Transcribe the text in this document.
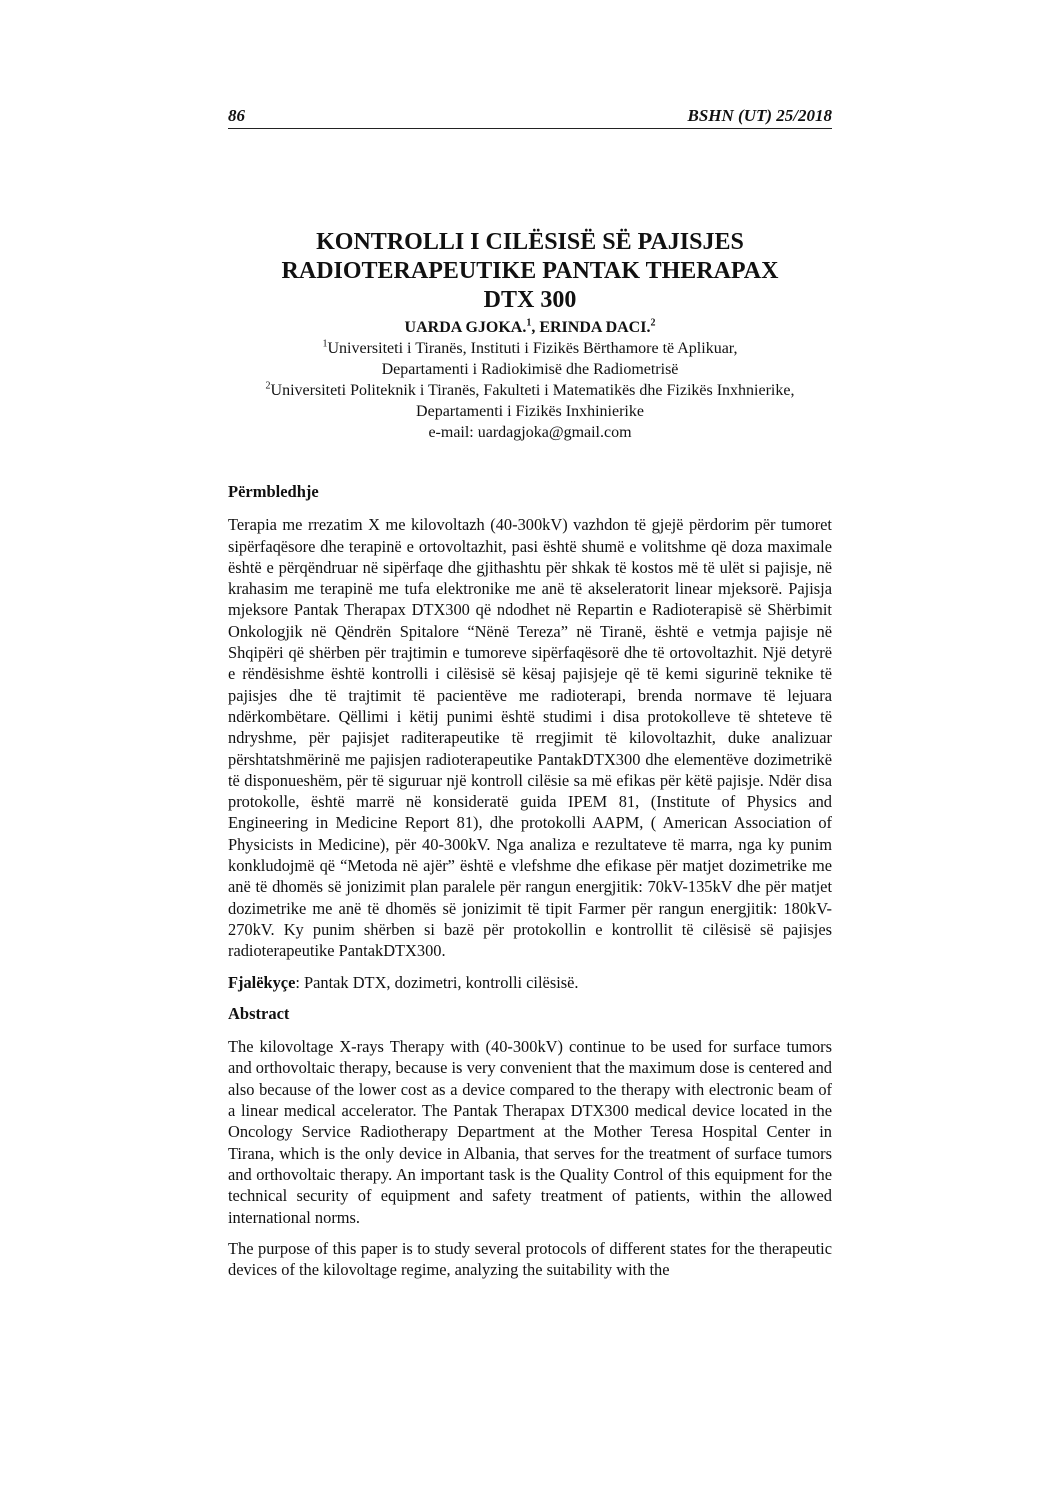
86	BSHN (UT) 25/2018
KONTROLLI I CILËSISË SË PAJISJES
RADIOTERAPEUTIKE PANTAK THERAPAX
DTX 300
UARDA GJOKA.$^1$, ERINDA DACI.$^2$
$^1$Universiteti i Tiranës, Instituti i Fizikës Bërthamore të Aplikuar,
Departamenti i Radiokimisë dhe Radiometrisë
$^2$Universiteti Politeknik i Tiranës, Fakulteti i Matematikës dhe Fizikës Inxhnierike,
Departamenti i Fizikës Inxhinierike
e-mail: uardagjoka@gmail.com
Përmbledhje

Terapia me rrezatim X me kilovoltazh (40-300kV) vazhdon të gjejë përdorim për tumoret sipërfaqësore dhe terapinë e ortovoltazhit, pasi është shumë e volitshme që doza maximale është e përqëndruar në sipërfaqe dhe gjithashtu për shkak të kostos më të ulët si pajisje, në krahasim me terapinë me tufa elektronike me anë të akseleratorit linear mjeksorë. Pajisja mjeksore Pantak Therapax DTX300 që ndodhet në Repartin e Radioterapisë së Shërbimit Onkologjik në Qëndrën Spitalore “Nënë Tereza” në Tiranë, është e vetmja pajisje në Shqipëri që shërben për trajtimin e tumoreve sipërfaqësorë dhe të ortovoltazhit. Një detyrë e rëndësishme është kontrolli i cilësisë së kësaj pajisjeje që të kemi sigurinë teknike të pajisjes dhe të trajtimit të pacientëve me radioterapi, brenda normave të lejuara ndërkombëtare. Qëllimi i këtij punimi është studimi i disa protokolleve të shteteve të ndryshme, për pajisjet raditerapeutike të rregjimit të kilovoltazhit, duke analizuar përshtatshmërinë me pajisjen radioterapeutike PantakDTX300 dhe elementëve dozimetrikë të disponueshëm, për të siguruar një kontroll cilësie sa më efikas për këtë pajisje. Ndër disa protokolle, është marrë në konsideratë guida IPEM 81, (Institute of Physics and Engineering in Medicine Report 81), dhe protokolli AAPM, ( American Association of Physicists in Medicine), për 40-300kV. Nga analiza e rezultateve të marra, nga ky punim konkludojmë që “Metoda në ajër” është e vlefshme dhe efikase për matjet dozimetrike me anë të dhomës së jonizimit plan paralele për rangun energjitik: 70kV-135kV dhe për matjet dozimetrike me anë të dhomës së jonizimit të tipit Farmer për rangun energjitik: 180kV-270kV. Ky punim shërben si bazë për protokollin e kontrollit të cilësisë së pajisjes radioterapeutike PantakDTX300.

Fjalëkyçe: Pantak DTX, dozimetri, kontrolli cilësisë.

Abstract

The kilovoltage X-rays Therapy with (40-300kV) continue to be used for surface tumors and orthovoltaic therapy, because is very convenient that the maximum dose is centered and also because of the lower cost as a device compared to the therapy with electronic beam of a linear medical accelerator. The Pantak Therapax DTX300 medical device located in the Oncology Service Radiotherapy Department at the Mother Teresa Hospital Center in Tirana, which is the only device in Albania, that serves for the treatment of surface tumors and orthovoltaic therapy. An important task is the Quality Control of this equipment for the technical security of equipment and safety treatment of patients, within the allowed international norms.

The purpose of this paper is to study several protocols of different states for the therapeutic devices of the kilovoltage regime, analyzing the suitability with the
